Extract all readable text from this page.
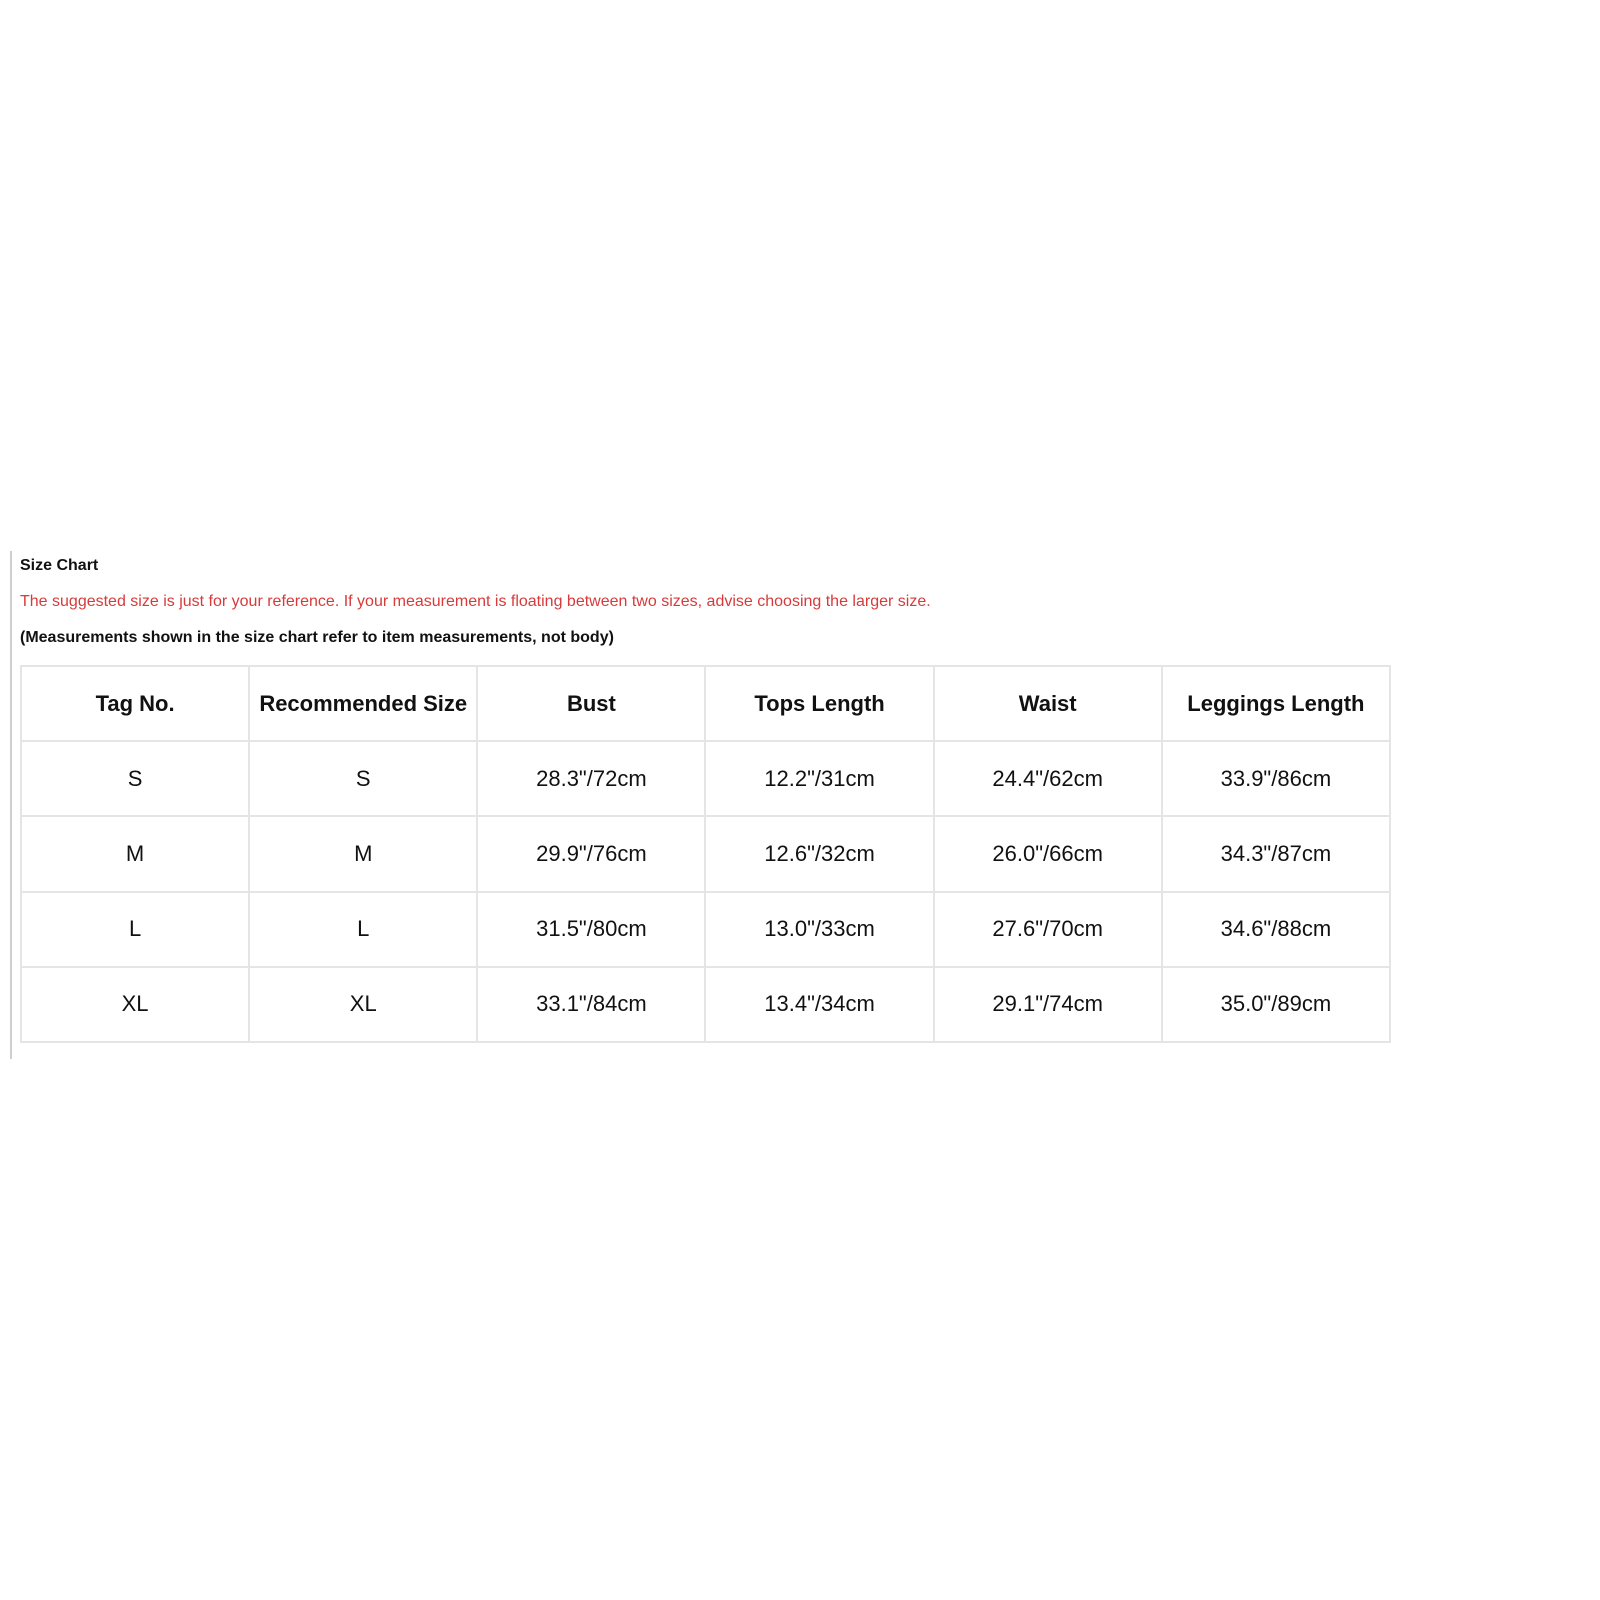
Size Chart
The suggested size is just for your reference. If your measurement is floating between two sizes, advise choosing the larger size.
(Measurements shown in the size chart refer to item measurements, not body)
Tag No.	Recommended Size	Bust	Tops Length	Waist	Leggings Length
S	S	28.3"/72cm	12.2"/31cm	24.4"/62cm	33.9"/86cm
M	M	29.9"/76cm	12.6"/32cm	26.0"/66cm	34.3"/87cm
L	L	31.5"/80cm	13.0"/33cm	27.6"/70cm	34.6"/88cm
XL	XL	33.1"/84cm	13.4"/34cm	29.1"/74cm	35.0"/89cm
